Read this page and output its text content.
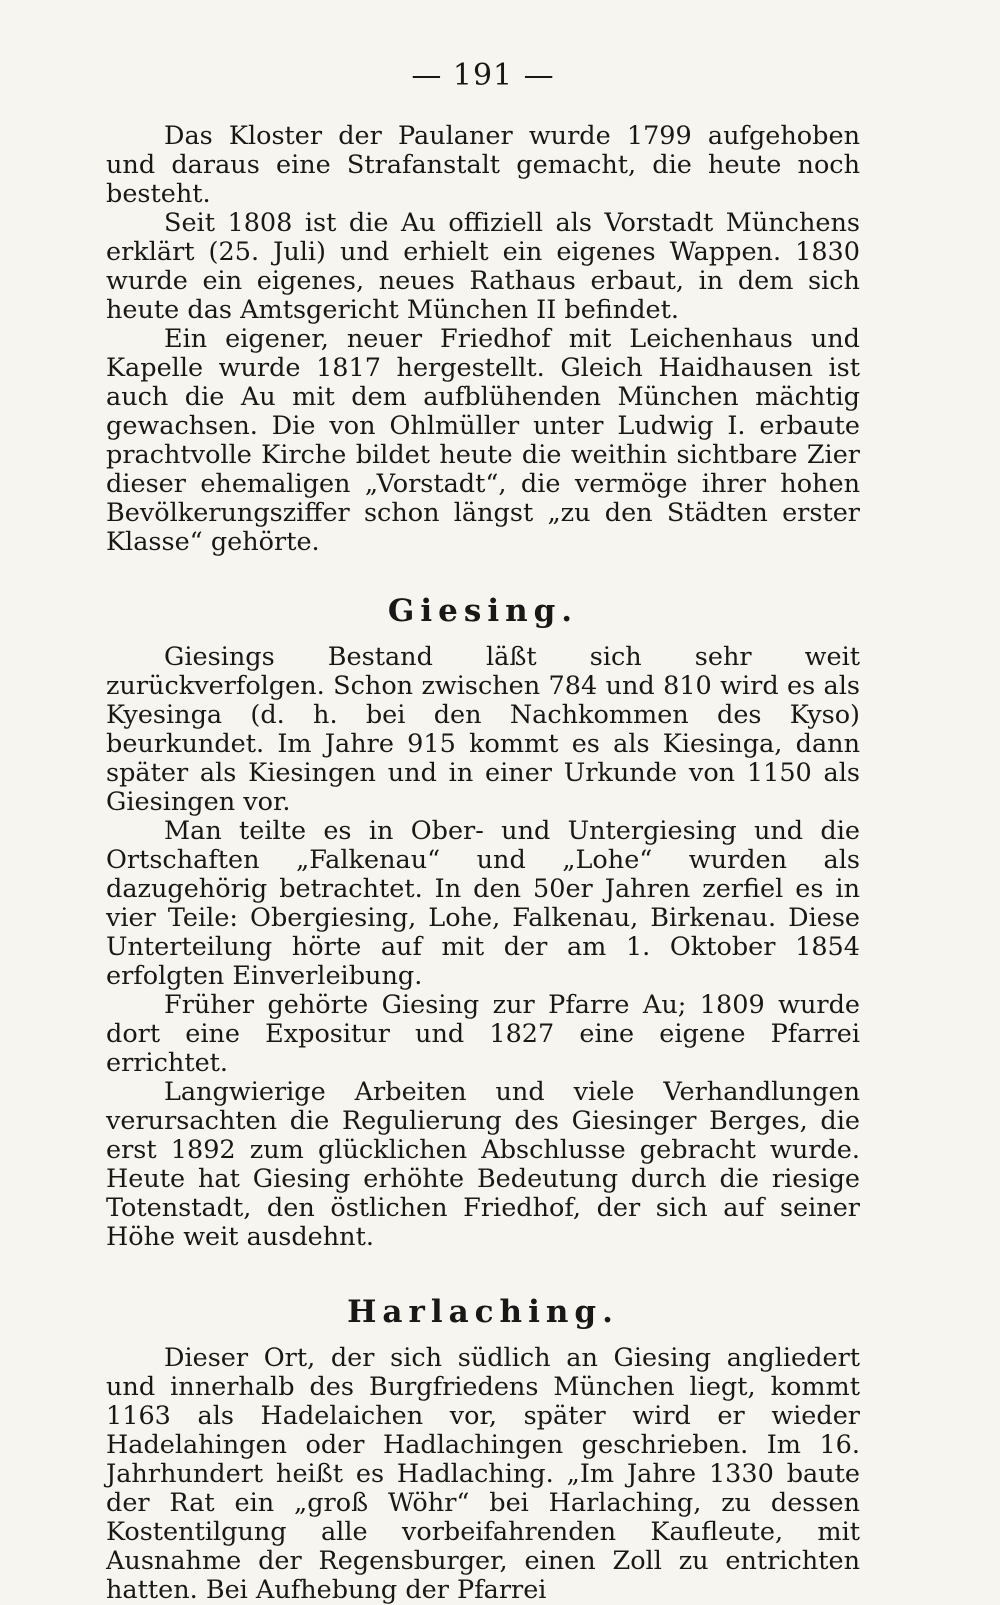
— 191 —

Das Kloster der Paulaner wurde 1799 aufgehoben und daraus eine Strafanstalt gemacht, die heute noch besteht.

Seit 1808 ist die Au offiziell als Vorstadt Münchens erklärt (25. Juli) und erhielt ein eigenes Wappen. 1830 wurde ein eigenes, neues Rathaus erbaut, in dem sich heute das Amtsgericht München II befindet.

Ein eigener, neuer Friedhof mit Leichenhaus und Kapelle wurde 1817 hergestellt. Gleich Haidhausen ist auch die Au mit dem aufblühenden München mächtig gewachsen. Die von Ohlmüller unter Ludwig I. erbaute prachtvolle Kirche bildet heute die weithin sichtbare Zier dieser ehemaligen „Vorstadt“, die vermöge ihrer hohen Bevölkerungsziffer schon längst „zu den Städten erster Klasse“ gehörte.

Giesing.

Giesings Bestand läßt sich sehr weit zurückverfolgen. Schon zwischen 784 und 810 wird es als Kyesinga (d. h. bei den Nachkommen des Kyso) beurkundet. Im Jahre 915 kommt es als Kiesinga, dann später als Kiesingen und in einer Urkunde von 1150 als Giesingen vor.

Man teilte es in Ober- und Untergiesing und die Ortschaften „Falkenau“ und „Lohe“ wurden als dazugehörig betrachtet. In den 50er Jahren zerfiel es in vier Teile: Obergiesing, Lohe, Falkenau, Birkenau. Diese Unterteilung hörte auf mit der am 1. Oktober 1854 erfolgten Einverleibung.

Früher gehörte Giesing zur Pfarre Au; 1809 wurde dort eine Expositur und 1827 eine eigene Pfarrei errichtet.

Langwierige Arbeiten und viele Verhandlungen verursachten die Regulierung des Giesinger Berges, die erst 1892 zum glücklichen Abschlusse gebracht wurde. Heute hat Giesing erhöhte Bedeutung durch die riesige Totenstadt, den östlichen Friedhof, der sich auf seiner Höhe weit ausdehnt.

Harlaching.

Dieser Ort, der sich südlich an Giesing angliedert und innerhalb des Burgfriedens München liegt, kommt 1163 als Hadelaichen vor, später wird er wieder Hadelahingen oder Hadlachingen geschrieben. Im 16. Jahrhundert heißt es Hadlaching. „Im Jahre 1330 baute der Rat ein „groß Wöhr“ bei Harlaching, zu dessen Kostentilgung alle vorbeifahrenden Kaufleute, mit Ausnahme der Regensburger, einen Zoll zu entrichten hatten. Bei Aufhebung der Pfarrei
